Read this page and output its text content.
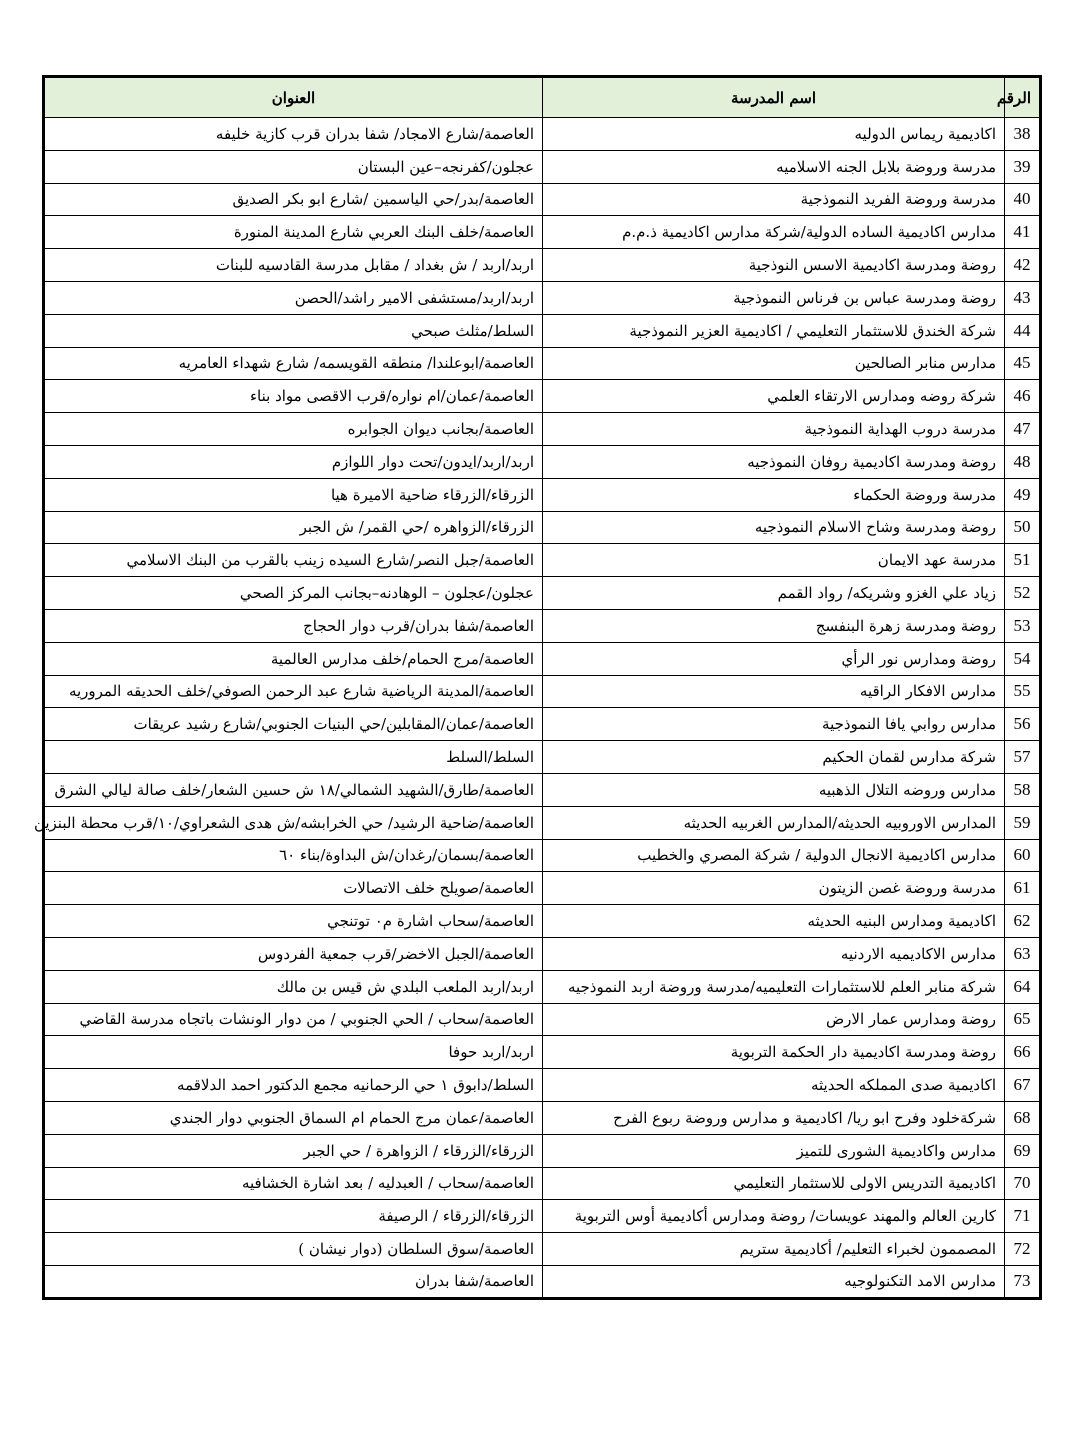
الرقم	اسم المدرسة	العنوان
38	اكاديمية ريماس الدوليه	العاصمة/شارع الامجاد/ شفا بدران قرب كازية خليفه
39	مدرسة وروضة بلابل الجنه الاسلاميه	عجلون/كفرنجه–عين البستان
40	مدرسة وروضة الفريد النموذجية	العاصمة/بدر/حي الياسمين /شارع ابو بكر الصديق
41	مدارس اكاديمية الساده الدولية/شركة مدارس اكاديمية ذ.م.م	العاصمة/خلف البنك العربي شارع المدينة المنورة
42	روضة ومدرسة اكاديمية الاسس النوذجية	اربد/اربد / ش بغداد / مقابل مدرسة القادسيه للبنات
43	روضة ومدرسة عباس بن فرناس النموذجية	اربد/اربد/مستشفى الامير راشد/الحصن
44	شركة الخندق للاستثمار التعليمي / اكاديمية العزير النموذجية	السلط/مثلث صبحي
45	مدارس منابر الصالحين	العاصمة/ابوعلندا/ منطقه القويسمه/ شارع شهداء العامريه
46	شركة روضه ومدارس الارتقاء العلمي	العاصمة/عمان/ام نواره/قرب الاقصى مواد بناء
47	مدرسة دروب الهداية النموذجية	العاصمة/بجانب ديوان الجوابره
48	روضة ومدرسة اكاديمية روفان النموذجيه	اربد/اربد/ايدون/تحت دوار اللوازم
49	مدرسة وروضة الحكماء	الزرقاء/الزرقاء ضاحية الاميرة هيا
50	روضة ومدرسة وشاح الاسلام النموذجيه	الزرقاء/الزواهره /حي القمر/ ش الجبر
51	مدرسة عهد الايمان	العاصمة/جبل النصر/شارع السيده زينب بالقرب من البنك الاسلامي
52	زياد علي الغزو وشريكه/ رواد القمم	عجلون/عجلون – الوهادنه–بجانب المركز الصحي
53	روضة ومدرسة زهرة البنفسج	العاصمة/شفا بدران/قرب دوار الحجاج
54	روضة ومدارس نور الرأي	العاصمة/مرج الحمام/خلف مدارس العالمية
55	مدارس الافكار الراقيه	العاصمة/المدينة الرياضية شارع عبد الرحمن الصوفي/خلف الحديقه المروريه
56	مدارس روابي يافا النموذجية	العاصمة/عمان/المقابلين/حي البنيات الجنوبي/شارع رشيد عريقات
57	شركة مدارس لقمان الحكيم	السلط/السلط
58	مدارس وروضه التلال الذهبيه	العاصمة/طارق/الشهيد الشمالي/١٨ ش حسين الشعار/خلف صالة ليالي الشرق
59	المدارس الاوروبيه الحديثه/المدارس الغربيه الحديثه	العاصمة/ضاحية الرشيد/ حي الخرابشه/ش هدى الشعراوي/١٠/قرب محطة البنزين
60	مدارس اكاديمية الانجال الدولية / شركة المصري والخطيب	العاصمة/بسمان/رغدان/ش البداوة/بناء ٦٠
61	مدرسة وروضة غصن الزيتون	العاصمة/صويلح خلف الاتصالات
62	اكاديمية ومدارس البنيه الحديثه	العاصمة/سحاب اشارة م٠ توتنجي
63	مدارس الاكاديميه الاردنيه	العاصمة/الجبل الاخضر/قرب جمعية الفردوس
64	شركة منابر العلم للاستثمارات التعليميه/مدرسة وروضة اربد النموذجيه	اربد/اربد الملعب البلدي ش قيس بن مالك
65	روضة ومدارس عمار الارض	العاصمة/سحاب / الحي الجنوبي / من دوار الونشات باتجاه مدرسة القاضي
66	روضة ومدرسة اكاديمية دار الحكمة التربوية	اربد/اربد حوفا
67	اكاديمية صدى المملكه الحديثه	السلط/دابوق ١ حي الرحمانيه مجمع الدكتور احمد الدلاقمه
68	شركةخلود وفرح ابو ريا/ اكاديمية و مدارس وروضة ربوع الفرح	العاصمة/عمان مرج الحمام ام السماق الجنوبي دوار الجندي
69	مدارس واكاديمية الشورى للتميز	الزرقاء/الزرقاء / الزواهرة / حي الجبر
70	اكاديمية التدريس الاولى للاستثمار التعليمي	العاصمة/سحاب / العبدليه / بعد اشارة الخشافيه
71	كارين العالم والمهند عويسات/ روضة ومدارس أكاديمية أوس التربوية	الزرقاء/الزرقاء / الرصيفة
72	المصممون لخبراء التعليم/ أكاديمية ستريم	العاصمة/سوق السلطان (دوار نيشان )
73	مدارس الامد التكنولوجيه	العاصمة/شفا بدران
